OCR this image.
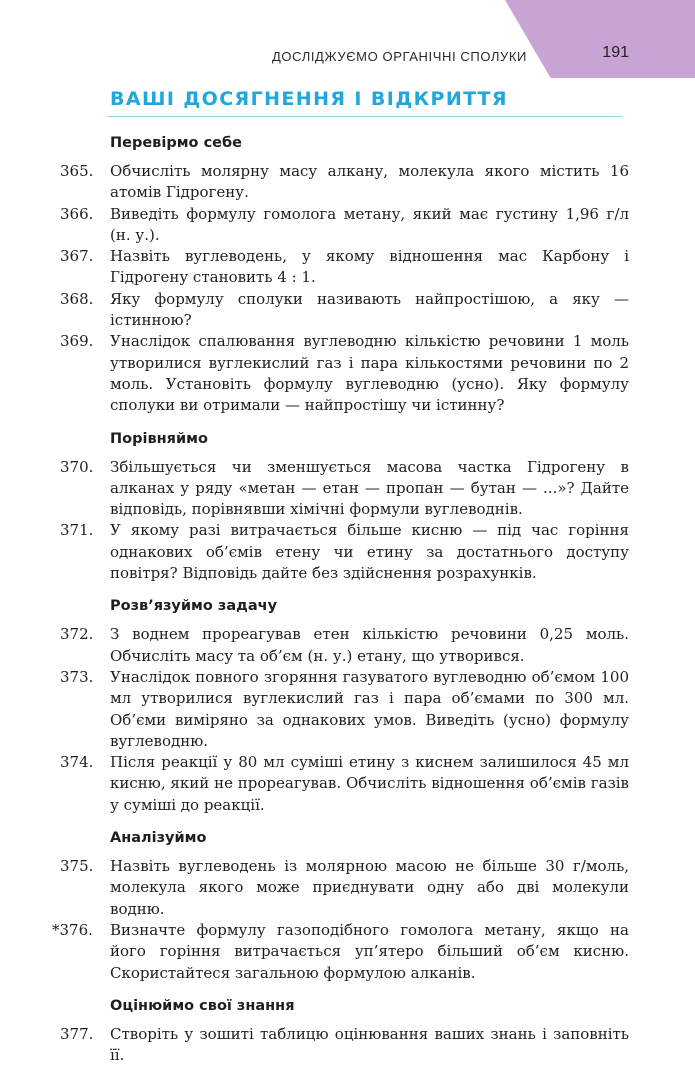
191
ДОСЛІДЖУЄМО ОРГАНІЧНІ СПОЛУКИ
ВАШІ ДОСЯГНЕННЯ І ВІДКРИТТЯ
Перевірмо себе
365.	Обчисліть молярну масу алкану, молекула якого містить 16 атомів Гідрогену.
366.	Виведіть формулу гомолога метану, який має густину 1,96 г/л (н. у.).
367.	Назвіть вуглеводень, у якому відношення мас Карбону і Гідрогену становить 4 : 1.
368.	Яку формулу сполуки називають найпростішою, а яку — істинною?
369.	Унаслідок спалювання вуглеводню кількістю речовини 1 моль утворилися вуглекислий газ і пара кількостями речовини по 2 моль. Установіть формулу вуглеводню (усно). Яку формулу сполуки ви отримали — найпростішу чи істинну?
Порівняймо
370.	Збільшується чи зменшується масова частка Гідрогену в алканах у ряду «метан — етан — пропан — бутан — ...»? Дайте відповідь, порівнявши хімічні формули вуглеводнів.
371.	У якому разі витрачається більше кисню — під час горіння однакових об’ємів етену чи етину за достатнього доступу повітря? Відповідь дайте без здійснення розрахунків.
Розв’язуймо задачу
372.	З воднем прореагував етен кількістю речовини 0,25 моль. Обчисліть масу та об’єм (н. у.) етану, що утворився.
373.	Унаслідок повного згоряння газуватого вуглеводню об’ємом 100 мл утворилися вуглекислий газ і пара об’ємами по 300 мл. Об’єми виміряно за однакових умов. Виведіть (усно) формулу вуглеводню.
374.	Після реакції у 80 мл суміші етину з киснем залишилося 45 мл кисню, який не прореагував. Обчисліть відношення об’ємів газів у суміші до реакції.
Аналізуймо
375.	Назвіть вуглеводень із молярною масою не більше 30 г/моль, молекула якого може приєднувати одну або дві молекули водню.
*376.	Визначте формулу газоподібного гомолога метану, якщо на його горіння витрачається уп’ятеро більший об’єм кисню. Скористайтеся загальною формулою алканів.
Оцінюймо свої знання
377.	Створіть у зошиті таблицю оцінювання ваших знань і заповніть її.
